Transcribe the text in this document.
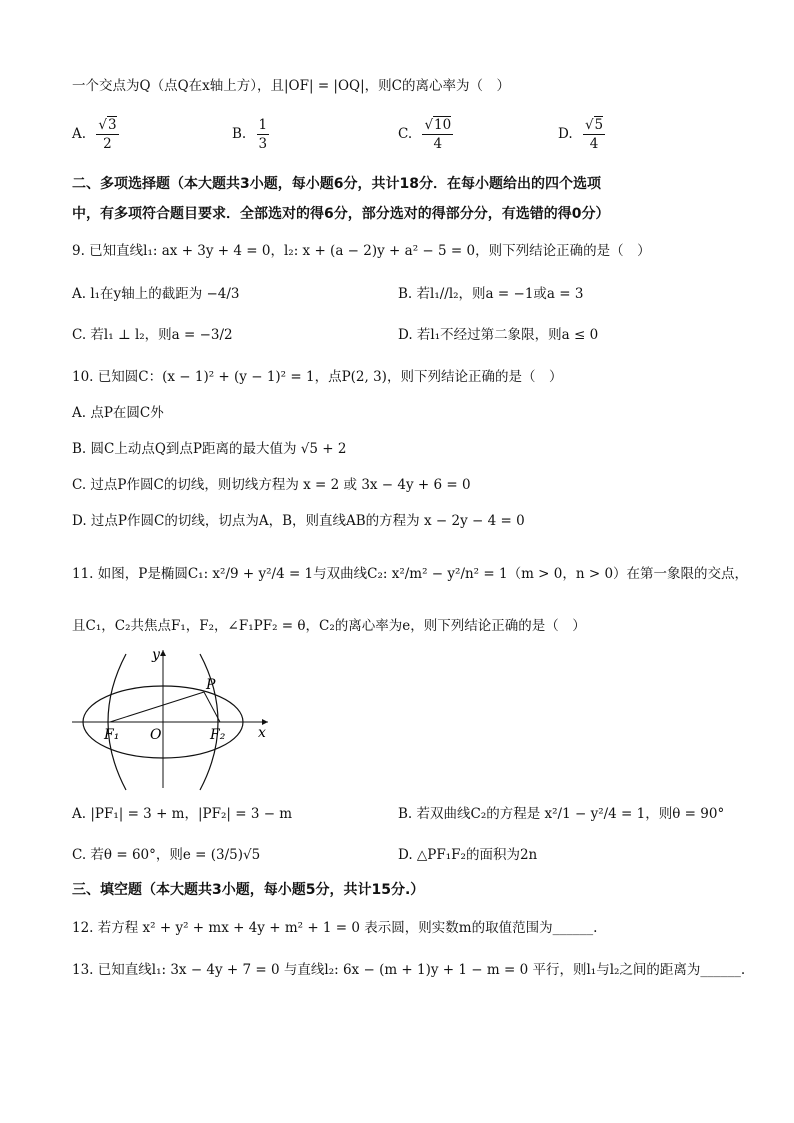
一个交点为Q（点Q在x轴上方），且|OF| = |OQ|，则C的离心率为（　）
A. $\frac{√3}{2}$	B. $\frac{1}{3}$	C. $\frac{√10}{4}$	D. $\frac{√5}{4}$
二、多项选择题（本大题共3小题，每小题6分，共计18分．在每小题给出的四个选项
中，有多项符合题目要求．全部选对的得6分，部分选对的得部分分，有选错的得0分）
9. 已知直线l₁: ax + 3y + 4 = 0，l₂: x + (a − 2)y + a² − 5 = 0，则下列结论正确的是（　）
A. l₁在y轴上的截距为 −4/3	B. 若l₁//l₂，则a = −1或a = 3
C. 若l₁ ⊥ l₂，则a = −3/2	D. 若l₁不经过第二象限，则a ≤ 0
10. 已知圆C：(x − 1)² + (y − 1)² = 1，点P(2, 3)，则下列结论正确的是（　）
A. 点P在圆C外
B. 圆C上动点Q到点P距离的最大值为 √5 + 2
C. 过点P作圆C的切线，则切线方程为 x = 2 或 3x − 4y + 6 = 0
D. 过点P作圆C的切线，切点为A，B，则直线AB的方程为 x − 2y − 4 = 0
11. 如图，P是椭圆C₁: x²/9 + y²/4 = 1与双曲线C₂: x²/m² − y²/n² = 1（m > 0，n > 0）在第一象限的交点，
且C₁，C₂共焦点F₁，F₂，∠F₁PF₂ = θ，C₂的离心率为e，则下列结论正确的是（　）
y
x
P
F₁ O	F₂
A. |PF₁| = 3 + m，|PF₂| = 3 − m	B. 若双曲线C₂的方程是 x²/1 − y²/4 = 1，则θ = 90°
C. 若θ = 60°，则e = (3/5)√5	D. △PF₁F₂的面积为2n
三、填空题（本大题共3小题，每小题5分，共计15分.）
12. 若方程 x² + y² + mx + 4y + m² + 1 = 0 表示圆，则实数m的取值范围为______.
13. 已知直线l₁: 3x − 4y + 7 = 0 与直线l₂: 6x − (m + 1)y + 1 − m = 0 平行，则l₁与l₂之间的距离为______.
